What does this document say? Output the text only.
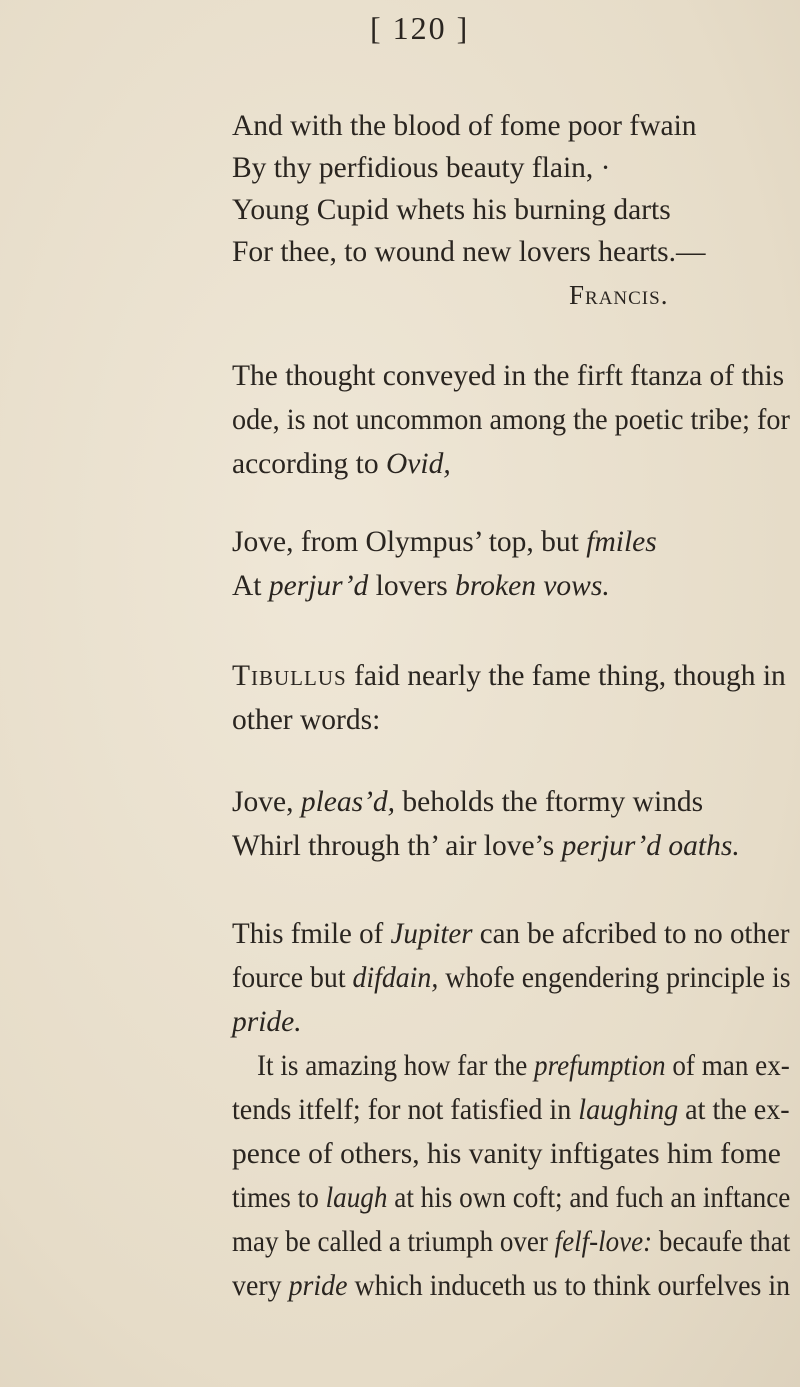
[ 120 ]
And with the blood of fome poor fwain
By thy perfidious beauty flain, ·
Young Cupid whets his burning darts
For thee, to wound new lovers hearts.—
Francis.
The thought conveyed in the firft ftanza of this
ode, is not uncommon among the poetic tribe; for
according to Ovid,
Jove, from Olympus’ top, but fmiles
At perjur’d lovers broken vows.
Tibullus faid nearly the fame thing, though in
other words:
Jove, pleas’d, beholds the ftormy winds
Whirl through th’ air love’s perjur’d oaths.
This fmile of Jupiter can be afcribed to no other
fource but difdain, whofe engendering principle is
pride.
It is amazing how far the prefumption of man ex-
tends itfelf; for not fatisfied in laughing at the ex-
pence of others, his vanity inftigates him fome
times to laugh at his own coft; and fuch an inftance
may be called a triumph over felf-love: becaufe that
very pride which induceth us to think ourfelves in
